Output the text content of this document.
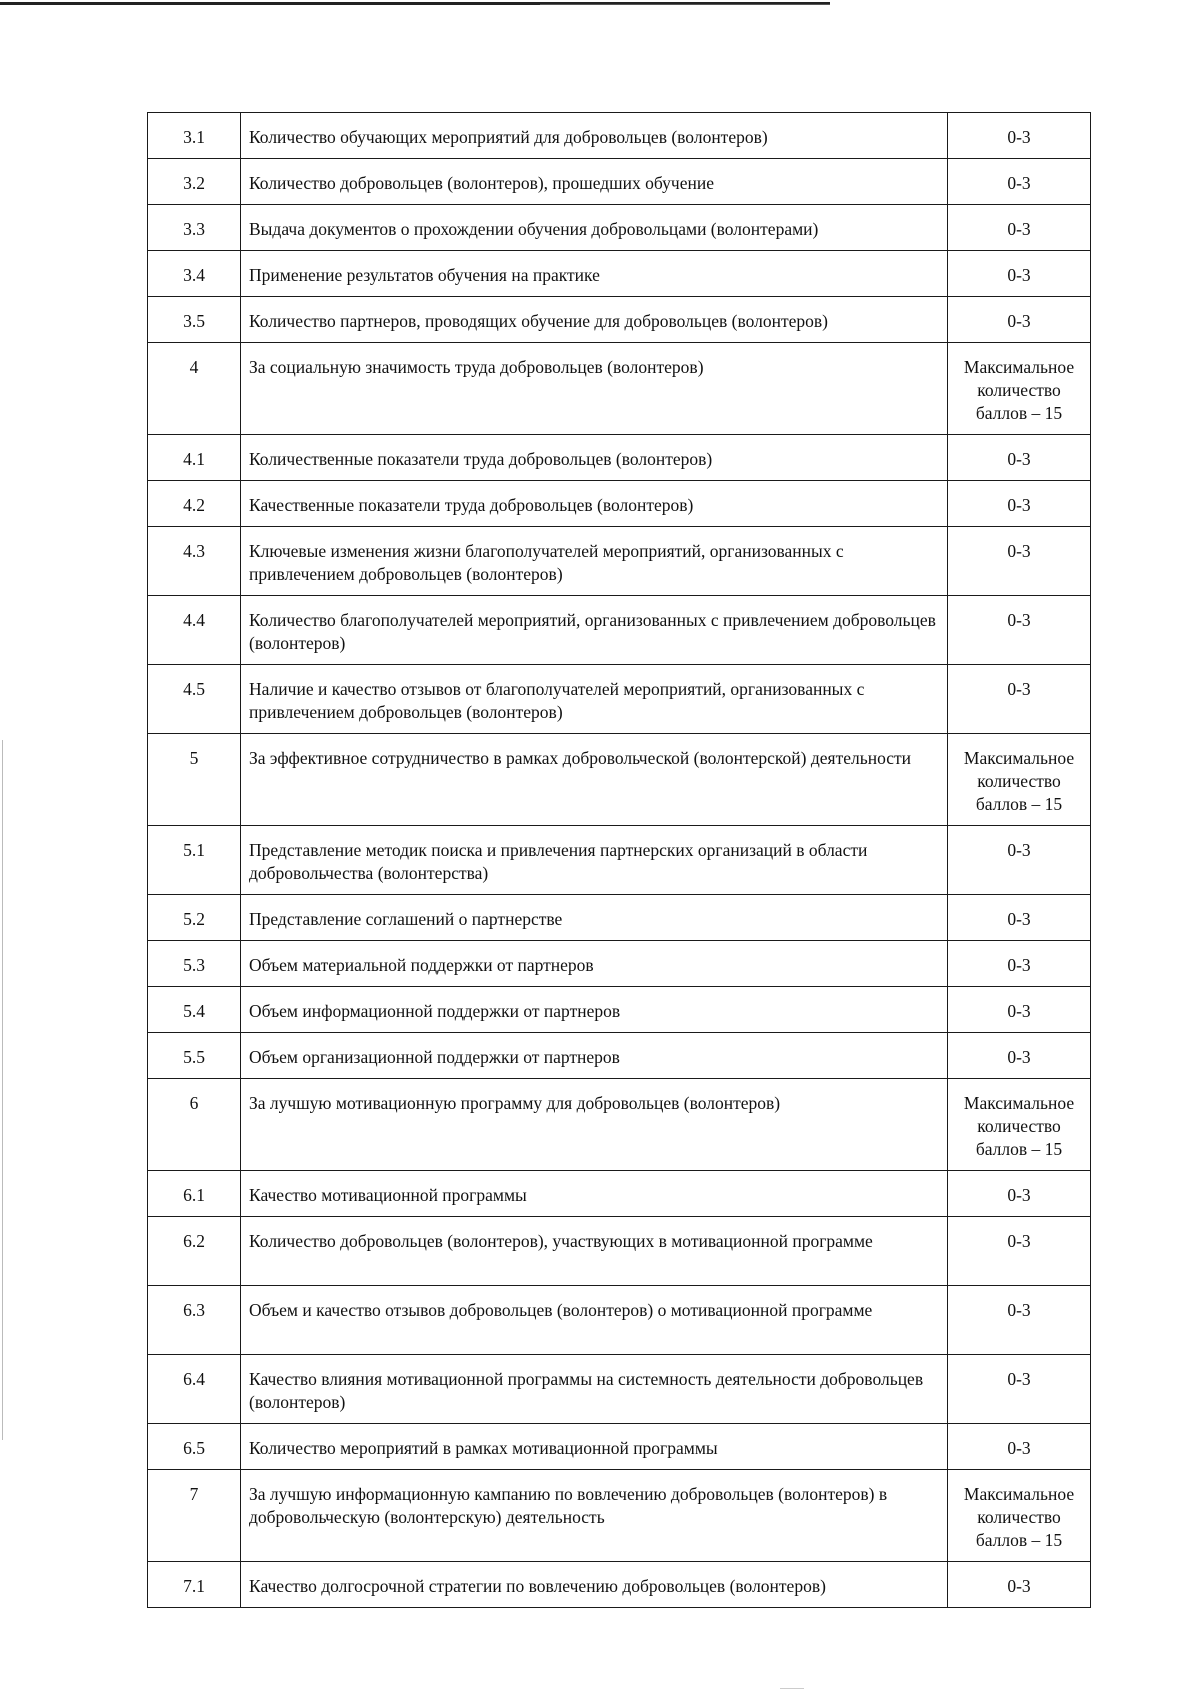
3.1	Количество обучающих мероприятий для добровольцев (волонтеров)	0-3
3.2	Количество добровольцев (волонтеров), прошедших обучение	0-3
3.3	Выдача документов о прохождении обучения добровольцами (волонтерами)	0-3
3.4	Применение результатов обучения на практике	0-3
3.5	Количество партнеров, проводящих обучение для добровольцев (волонтеров)	0-3
4	За социальную значимость труда добровольцев (волонтеров)	Максимальное количество баллов – 15
4.1	Количественные показатели труда добровольцев (волонтеров)	0-3
4.2	Качественные показатели труда добровольцев (волонтеров)	0-3
4.3	Ключевые изменения жизни благополучателей мероприятий, организованных с привлечением добровольцев (волонтеров)	0-3
4.4	Количество благополучателей мероприятий, организованных с привлечением добровольцев (волонтеров)	0-3
4.5	Наличие и качество отзывов от благополучателей мероприятий, организованных с привлечением добровольцев (волонтеров)	0-3
5	За эффективное сотрудничество в рамках добровольческой (волонтерской) деятельности	Максимальное количество баллов – 15
5.1	Представление методик поиска и привлечения партнерских организаций в области добровольчества (волонтерства)	0-3
5.2	Представление соглашений о партнерстве	0-3
5.3	Объем материальной поддержки от партнеров	0-3
5.4	Объем информационной поддержки от партнеров	0-3
5.5	Объем организационной поддержки от партнеров	0-3
6	За лучшую мотивационную программу для добровольцев (волонтеров)	Максимальное количество баллов – 15
6.1	Качество мотивационной программы	0-3
6.2	Количество добровольцев (волонтеров), участвующих в мотивационной программе	0-3
6.3	Объем и качество отзывов добровольцев (волонтеров) о мотивационной программе	0-3
6.4	Качество влияния мотивационной программы на системность деятельности добровольцев (волонтеров)	0-3
6.5	Количество мероприятий в рамках мотивационной программы	0-3
7	За лучшую информационную кампанию по вовлечению добровольцев (волонтеров) в добровольческую (волонтерскую) деятельность	Максимальное количество баллов – 15
7.1	Качество долгосрочной стратегии по вовлечению добровольцев (волонтеров)	0-3
